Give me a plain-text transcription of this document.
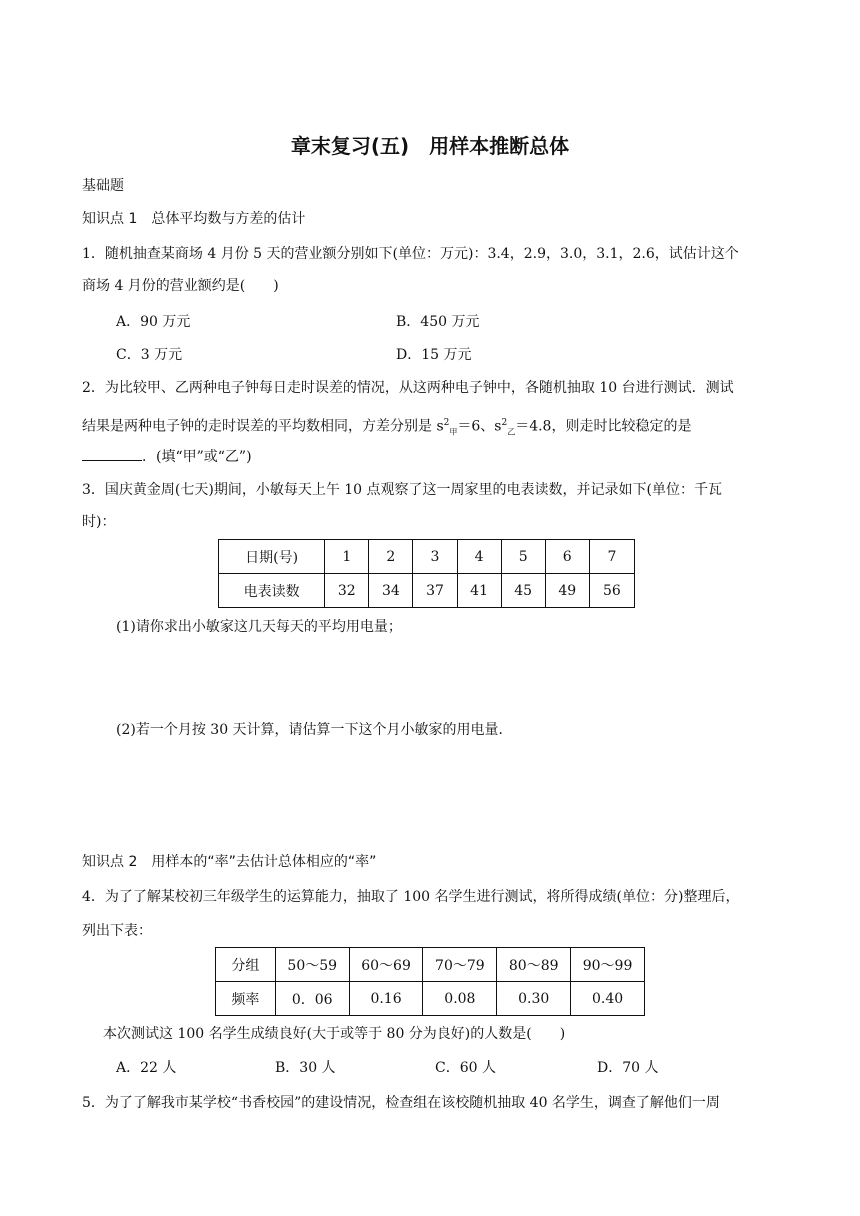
章末复习(五)　用样本推断总体
基础题
知识点 1　总体平均数与方差的估计
1．随机抽查某商场 4 月份 5 天的营业额分别如下(单位：万元)：3.4，2.9，3.0，3.1，2.6，试估计这个
商场 4 月份的营业额约是(　　)
A．90 万元	B．450 万元
C．3 万元	D．15 万元
2．为比较甲、乙两种电子钟每日走时误差的情况，从这两种电子钟中，各随机抽取 10 台进行测试．测试
结果是两种电子钟的走时误差的平均数相同，方差分别是 $s^2_甲=6$、$s^2_乙=4.8$，则走时比较稳定的是
．(填“甲”或“乙”)
3．国庆黄金周(七天)期间，小敏每天上午 10 点观察了这一周家里的电表读数，并记录如下(单位：千瓦
时)：
日期(号)	1	2	3	4	5	6	7
电表读数	32	34	37	41	45	49	56
(1)请你求出小敏家这几天每天的平均用电量；
(2)若一个月按 30 天计算，请估算一下这个月小敏家的用电量．
知识点 2　用样本的“率”去估计总体相应的“率”
4．为了了解某校初三年级学生的运算能力，抽取了 100 名学生进行测试，将所得成绩(单位：分)整理后，
列出下表：
分组	50～59	60～69	70～79	80～89	90～99
频率	0．06	0.16	0.08	0.30	0.40
本次测试这 100 名学生成绩良好(大于或等于 80 分为良好)的人数是(　　)
A．22 人	B．30 人	C．60 人	D．70 人
5．为了了解我市某学校“书香校园”的建设情况，检查组在该校随机抽取 40 名学生，调查了解他们一周
